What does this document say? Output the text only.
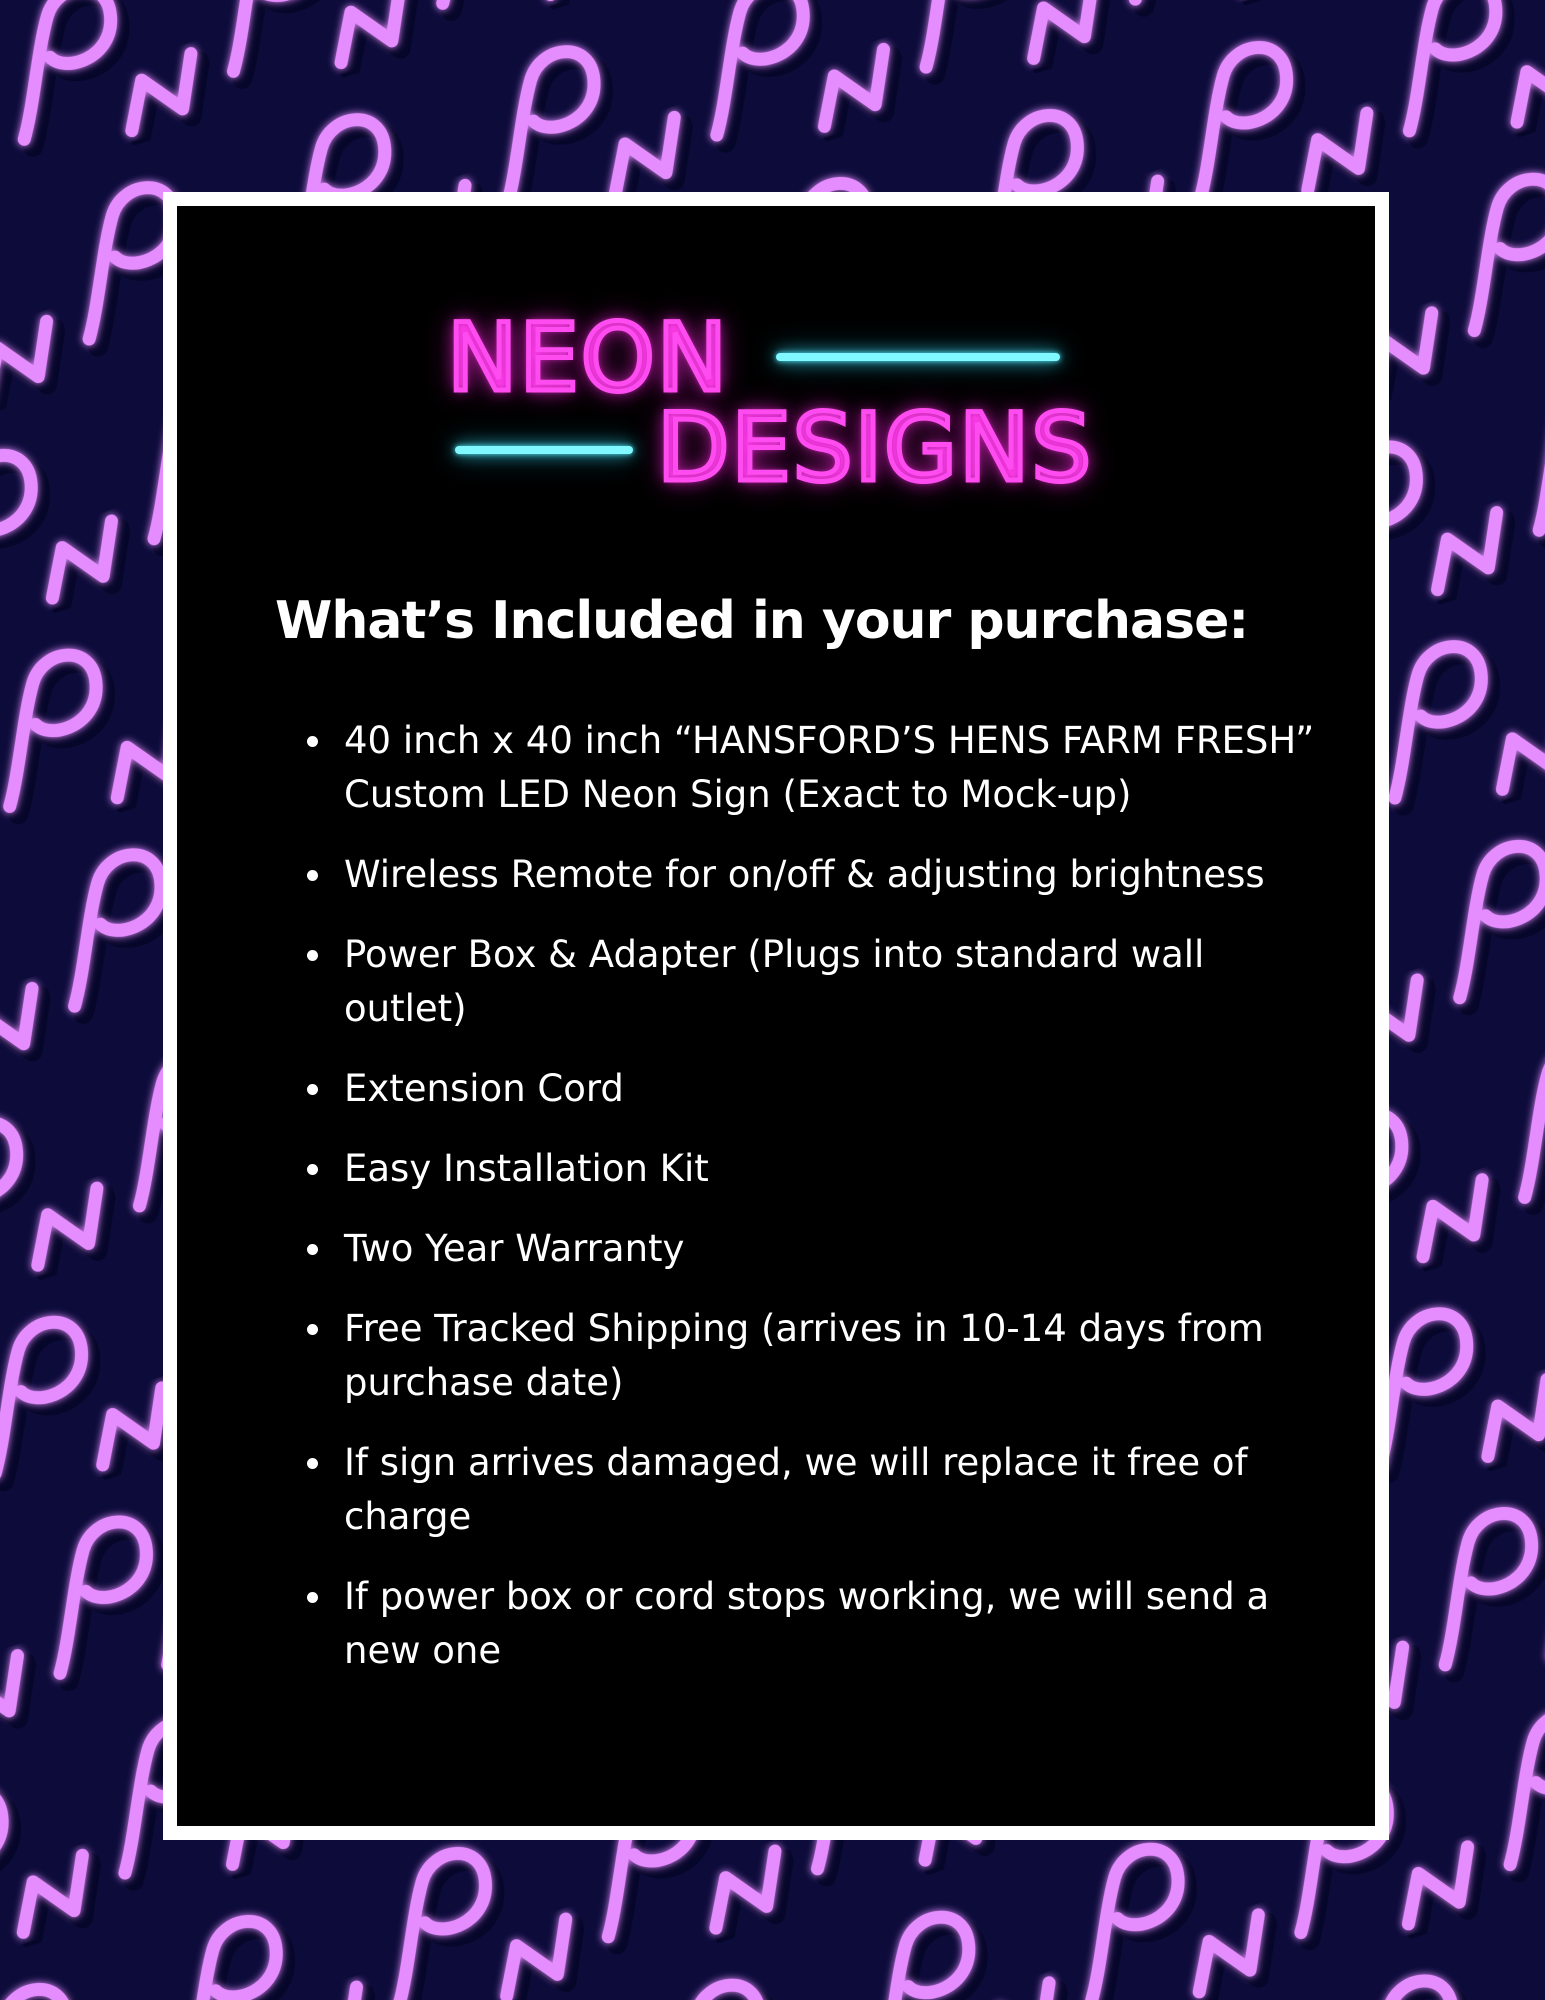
NEON
DESIGNS
What’s Included in your purchase:
40 inch x 40 inch “HANSFORD’S HENS FARM FRESH” Custom LED Neon Sign (Exact to Mock-up)
Wireless Remote for on/off & adjusting brightness
Power Box & Adapter (Plugs into standard wall outlet)
Extension Cord
Easy Installation Kit
Two Year Warranty
Free Tracked Shipping (arrives in 10-14 days from purchase date)
If sign arrives damaged, we will replace it free of charge
If power box or cord stops working, we will send a new one
